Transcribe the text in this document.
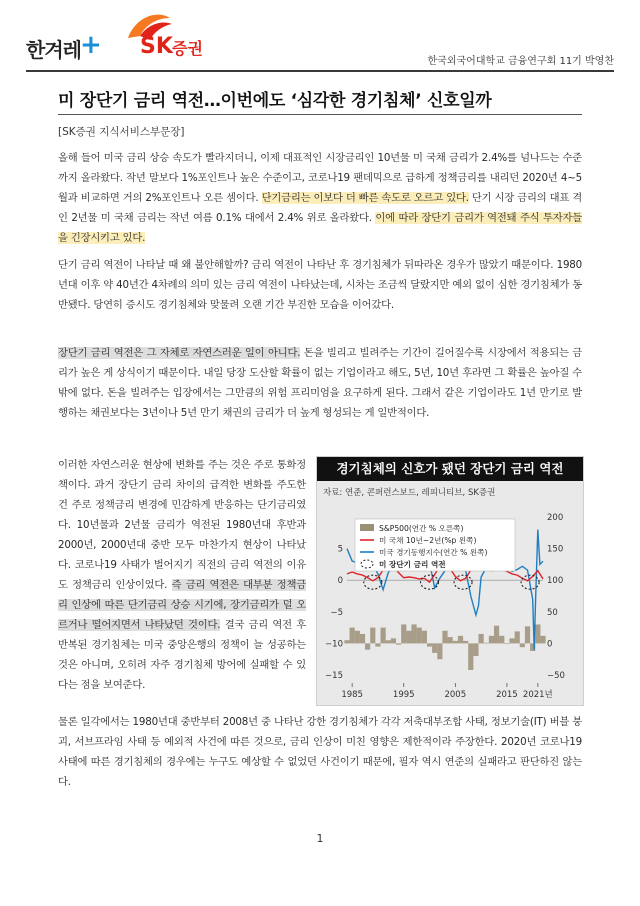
한겨레 + SK 증권
한국외국어대학교 금융연구회 11기 박영찬
미 장단기 금리 역전…이번에도 ‘심각한 경기침체’ 신호일까
[SK증권 지식서비스부문장]
올해 들어 미국 금리 상승 속도가 빨라지더니, 이제 대표적인 시장금리인 10년물 미 국채 금리가 2.4%를 넘나드는 수준까지 올라왔다. 작년 말보다 1%포인트나 높은 수준이고, 코로나19 팬데믹으로 급하게 정책금리를 내리던 2020년 4~5월과 비교하면 거의 2%포인트나 오른 셈이다. 단기금리는 이보다 더 빠른 속도로 오르고 있다. 단기 시장 금리의 대표 격인 2년물 미 국채 금리는 작년 여름 0.1% 대에서 2.4% 위로 올라왔다. 이에 따라 장단기 금리가 역전돼 주식 투자자들을 긴장시키고 있다.
단기 금리 역전이 나타날 때 왜 불안해할까? 금리 역전이 나타난 후 경기침체가 뒤따라온 경우가 많았기 때문이다. 1980년대 이후 약 40년간 4차례의 의미 있는 금리 역전이 나타났는데, 시차는 조금씩 달랐지만 예외 없이 심한 경기침체가 동반됐다. 당연히 증시도 경기침체와 맞물려 오랜 기간 부진한 모습을 이어갔다.
장단기 금리 역전은 그 자체로 자연스러운 일이 아니다. 돈을 빌리고 빌려주는 기간이 길어질수록 시장에서 적용되는 금리가 높은 게 상식이기 때문이다. 내일 당장 도산할 확률이 없는 기업이라고 해도, 5년, 10년 후라면 그 확률은 높아질 수밖에 없다. 돈을 빌려주는 입장에서는 그만큼의 위험 프리미엄을 요구하게 된다. 그래서 같은 기업이라도 1년 만기로 발행하는 채권보다는 3년이나 5년 만기 채권의 금리가 더 높게 형성되는 게 일반적이다.
이러한 자연스러운 현상에 변화를 주는 것은 주로 통화정책이다. 과거 장단기 금리 차이의 급격한 변화를 주도한 건 주로 정책금리 변경에 민감하게 반응하는 단기금리였다. 10년물과 2년물 금리가 역전된 1980년대 후반과 2000년, 2000년대 중반 모두 마찬가지 현상이 나타났다. 코로나19 사태가 벌어지기 직전의 금리 역전의 이유도 정책금리 인상이었다. 즉 금리 역전은 대부분 정책금리 인상에 따른 단기금리 상승 시기에, 장기금리가 덜 오르거나 떨어지면서 나타났던 것이다. 결국 금리 역전 후 반복된 경기침체는 미국 중앙은행의 정책이 늘 성공하는 것은 아니며, 오히려 자주 경기침체 방어에 실패할 수 있다는 점을 보여준다.
경기침체의 신호가 됐던 장단기 금리 역전
자료: 연준, 콘퍼런스보드, 레피니티브, SK증권
5
0
−5
−10
−15
200
150
100
50
0
−50
1985	1995	2005	2015 2021년
S&P500(연간 % 오른쪽)
미 국채 10년−2년(%p 왼쪽)
미국 경기동행지수(연간 % 왼쪽)
미 장단기 금리 역전
물론 일각에서는 1980년대 중반부터 2008년 중 나타난 강한 경기침체가 각각 저축대부조합 사태, 정보기술(IT) 버블 붕괴, 서브프라임 사태 등 예외적 사건에 따른 것으로, 금리 인상이 미친 영향은 제한적이라 주장한다. 2020년 코로나19 사태에 따른 경기침체의 경우에는 누구도 예상할 수 없었던 사건이기 때문에, 필자 역시 연준의 실패라고 판단하진 않는다.
1
